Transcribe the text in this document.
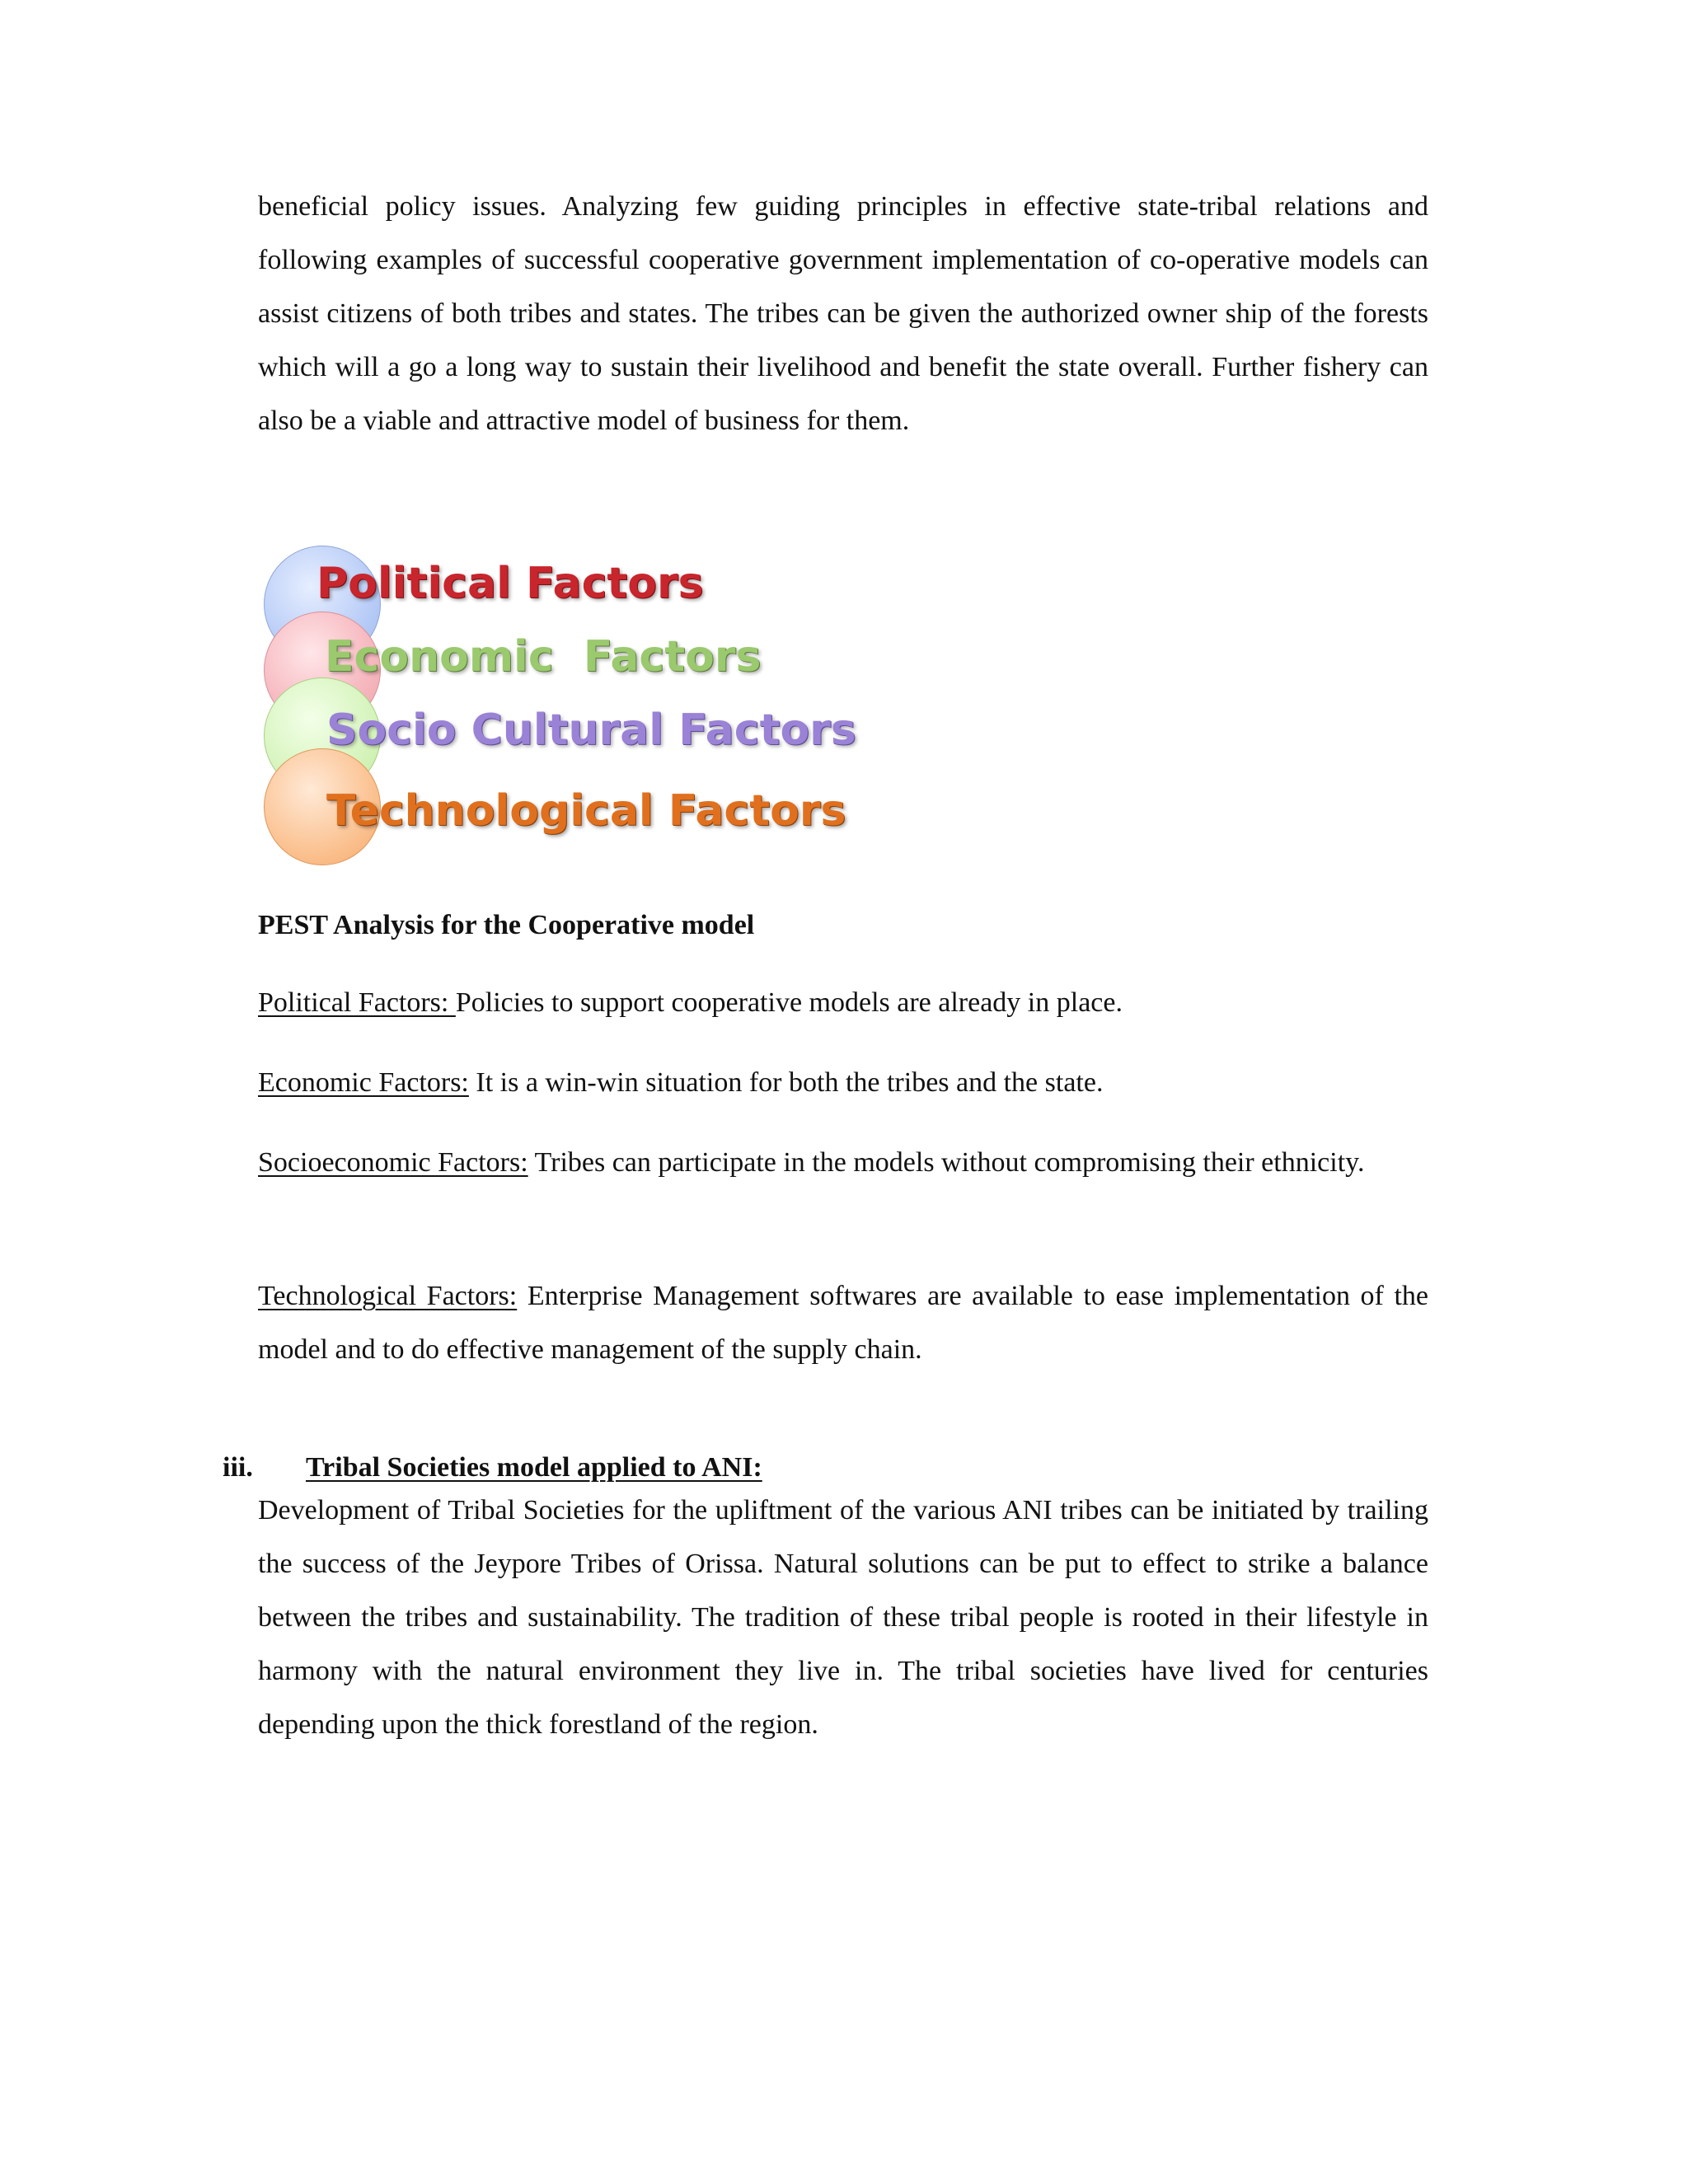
beneficial policy issues. Analyzing few guiding principles in effective state-tribal relations and following examples of successful cooperative government implementation of co-operative models can assist citizens of both tribes and states. The tribes can be given the authorized owner ship of the forests which will a go a long way to sustain their livelihood and benefit the state overall. Further fishery can also be a viable and attractive model of business for them.

Political Factors
Economic  Factors
Socio Cultural Factors
Technological Factors

PEST Analysis for the Cooperative model

Political Factors: Policies to support cooperative models are already in place.

Economic Factors: It is a win-win situation for both the tribes and the state.

Socioeconomic Factors: Tribes can participate in the models without compromising their ethnicity.

Technological Factors: Enterprise Management softwares are available to ease implementation of the model and to do effective management of the supply chain.

iii. Tribal Societies model applied to ANI:

Development of Tribal Societies for the upliftment of the various ANI tribes can be initiated by trailing the success of the Jeypore Tribes of Orissa. Natural solutions can be put to effect to strike a balance between the tribes and sustainability. The tradition of these tribal people is rooted in their lifestyle in harmony with the natural environment they live in. The tribal societies have lived for centuries depending upon the thick forestland of the region.
